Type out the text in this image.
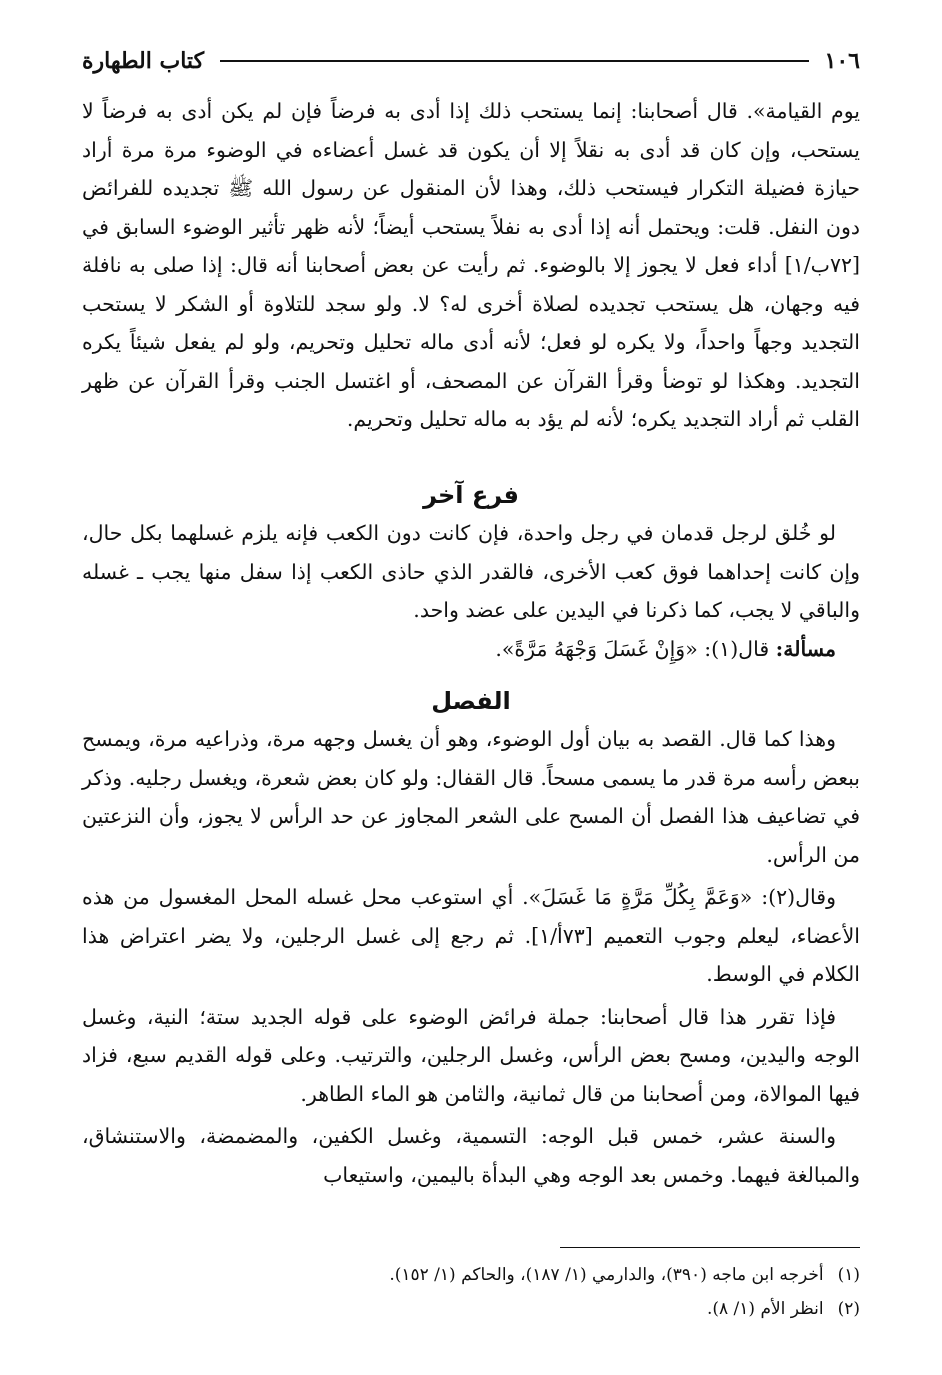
١٠٦
كتاب الطهارة

يوم القيامة». قال أصحابنا: إنما يستحب ذلك إذا أدى به فرضاً فإن لم يكن أدى به فرضاً لا يستحب، وإن كان قد أدى به نقلاً إلا أن يكون قد غسل أعضاءه في الوضوء مرة مرة أراد حيازة فضيلة التكرار فيستحب ذلك، وهذا لأن المنقول عن رسول الله ﷺ تجديده للفرائض دون النفل. قلت: ويحتمل أنه إذا أدى به نفلاً يستحب أيضاً؛ لأنه ظهر تأثير الوضوء السابق في [٧٢ب/١] أداء فعل لا يجوز إلا بالوضوء. ثم رأيت عن بعض أصحابنا أنه قال: إذا صلى به نافلة فيه وجهان، هل يستحب تجديده لصلاة أخرى له؟ لا. ولو سجد للتلاوة أو الشكر لا يستحب التجديد وجهاً واحداً، ولا يكره لو فعل؛ لأنه أدى ماله تحليل وتحريم، ولو لم يفعل شيئاً يكره التجديد. وهكذا لو توضأ وقرأ القرآن عن المصحف، أو اغتسل الجنب وقرأ القرآن عن ظهر القلب ثم أراد التجديد يكره؛ لأنه لم يؤد به ماله تحليل وتحريم.

فرع آخر

لو خُلق لرجل قدمان في رجل واحدة، فإن كانت دون الكعب فإنه يلزم غسلهما بكل حال، وإن كانت إحداهما فوق كعب الأخرى، فالقدر الذي حاذى الكعب إذا سفل منها يجب ـ غسله والباقي لا يجب، كما ذكرنا في اليدين على عضد واحد.

مسألة: قال(١): «وَإِنْ غَسَلَ وَجْهَهُ مَرَّةً».

الفصل

وهذا كما قال. القصد به بيان أول الوضوء، وهو أن يغسل وجهه مرة، وذراعيه مرة، ويمسح ببعض رأسه مرة قدر ما يسمى مسحاً. قال القفال: ولو كان بعض شعرة، ويغسل رجليه. وذكر في تضاعيف هذا الفصل أن المسح على الشعر المجاوز عن حد الرأس لا يجوز، وأن النزعتين من الرأس.

وقال(٢): «وَعَمَّ بِكُلِّ مَرَّةٍ مَا غَسَلَ». أي استوعب محل غسله المحل المغسول من هذه الأعضاء، ليعلم وجوب التعميم [٧٣أ/١]. ثم رجع إلى غسل الرجلين، ولا يضر اعتراض هذا الكلام في الوسط.

فإذا تقرر هذا قال أصحابنا: جملة فرائض الوضوء على قوله الجديد ستة؛ النية، وغسل الوجه واليدين، ومسح بعض الرأس، وغسل الرجلين، والترتيب. وعلى قوله القديم سبع، فزاد فيها الموالاة، ومن أصحابنا من قال ثمانية، والثامن هو الماء الطاهر.

والسنة عشر، خمس قبل الوجه: التسمية، وغسل الكفين، والمضمضة، والاستنشاق، والمبالغة فيهما. وخمس بعد الوجه وهي البدأة باليمين، واستيعاب

(١)أخرجه ابن ماجه (٣٩٠)، والدارمي (١/ ١٨٧)، والحاكم (١/ ١٥٢).

(٢)انظر الأم (١/ ٨).
